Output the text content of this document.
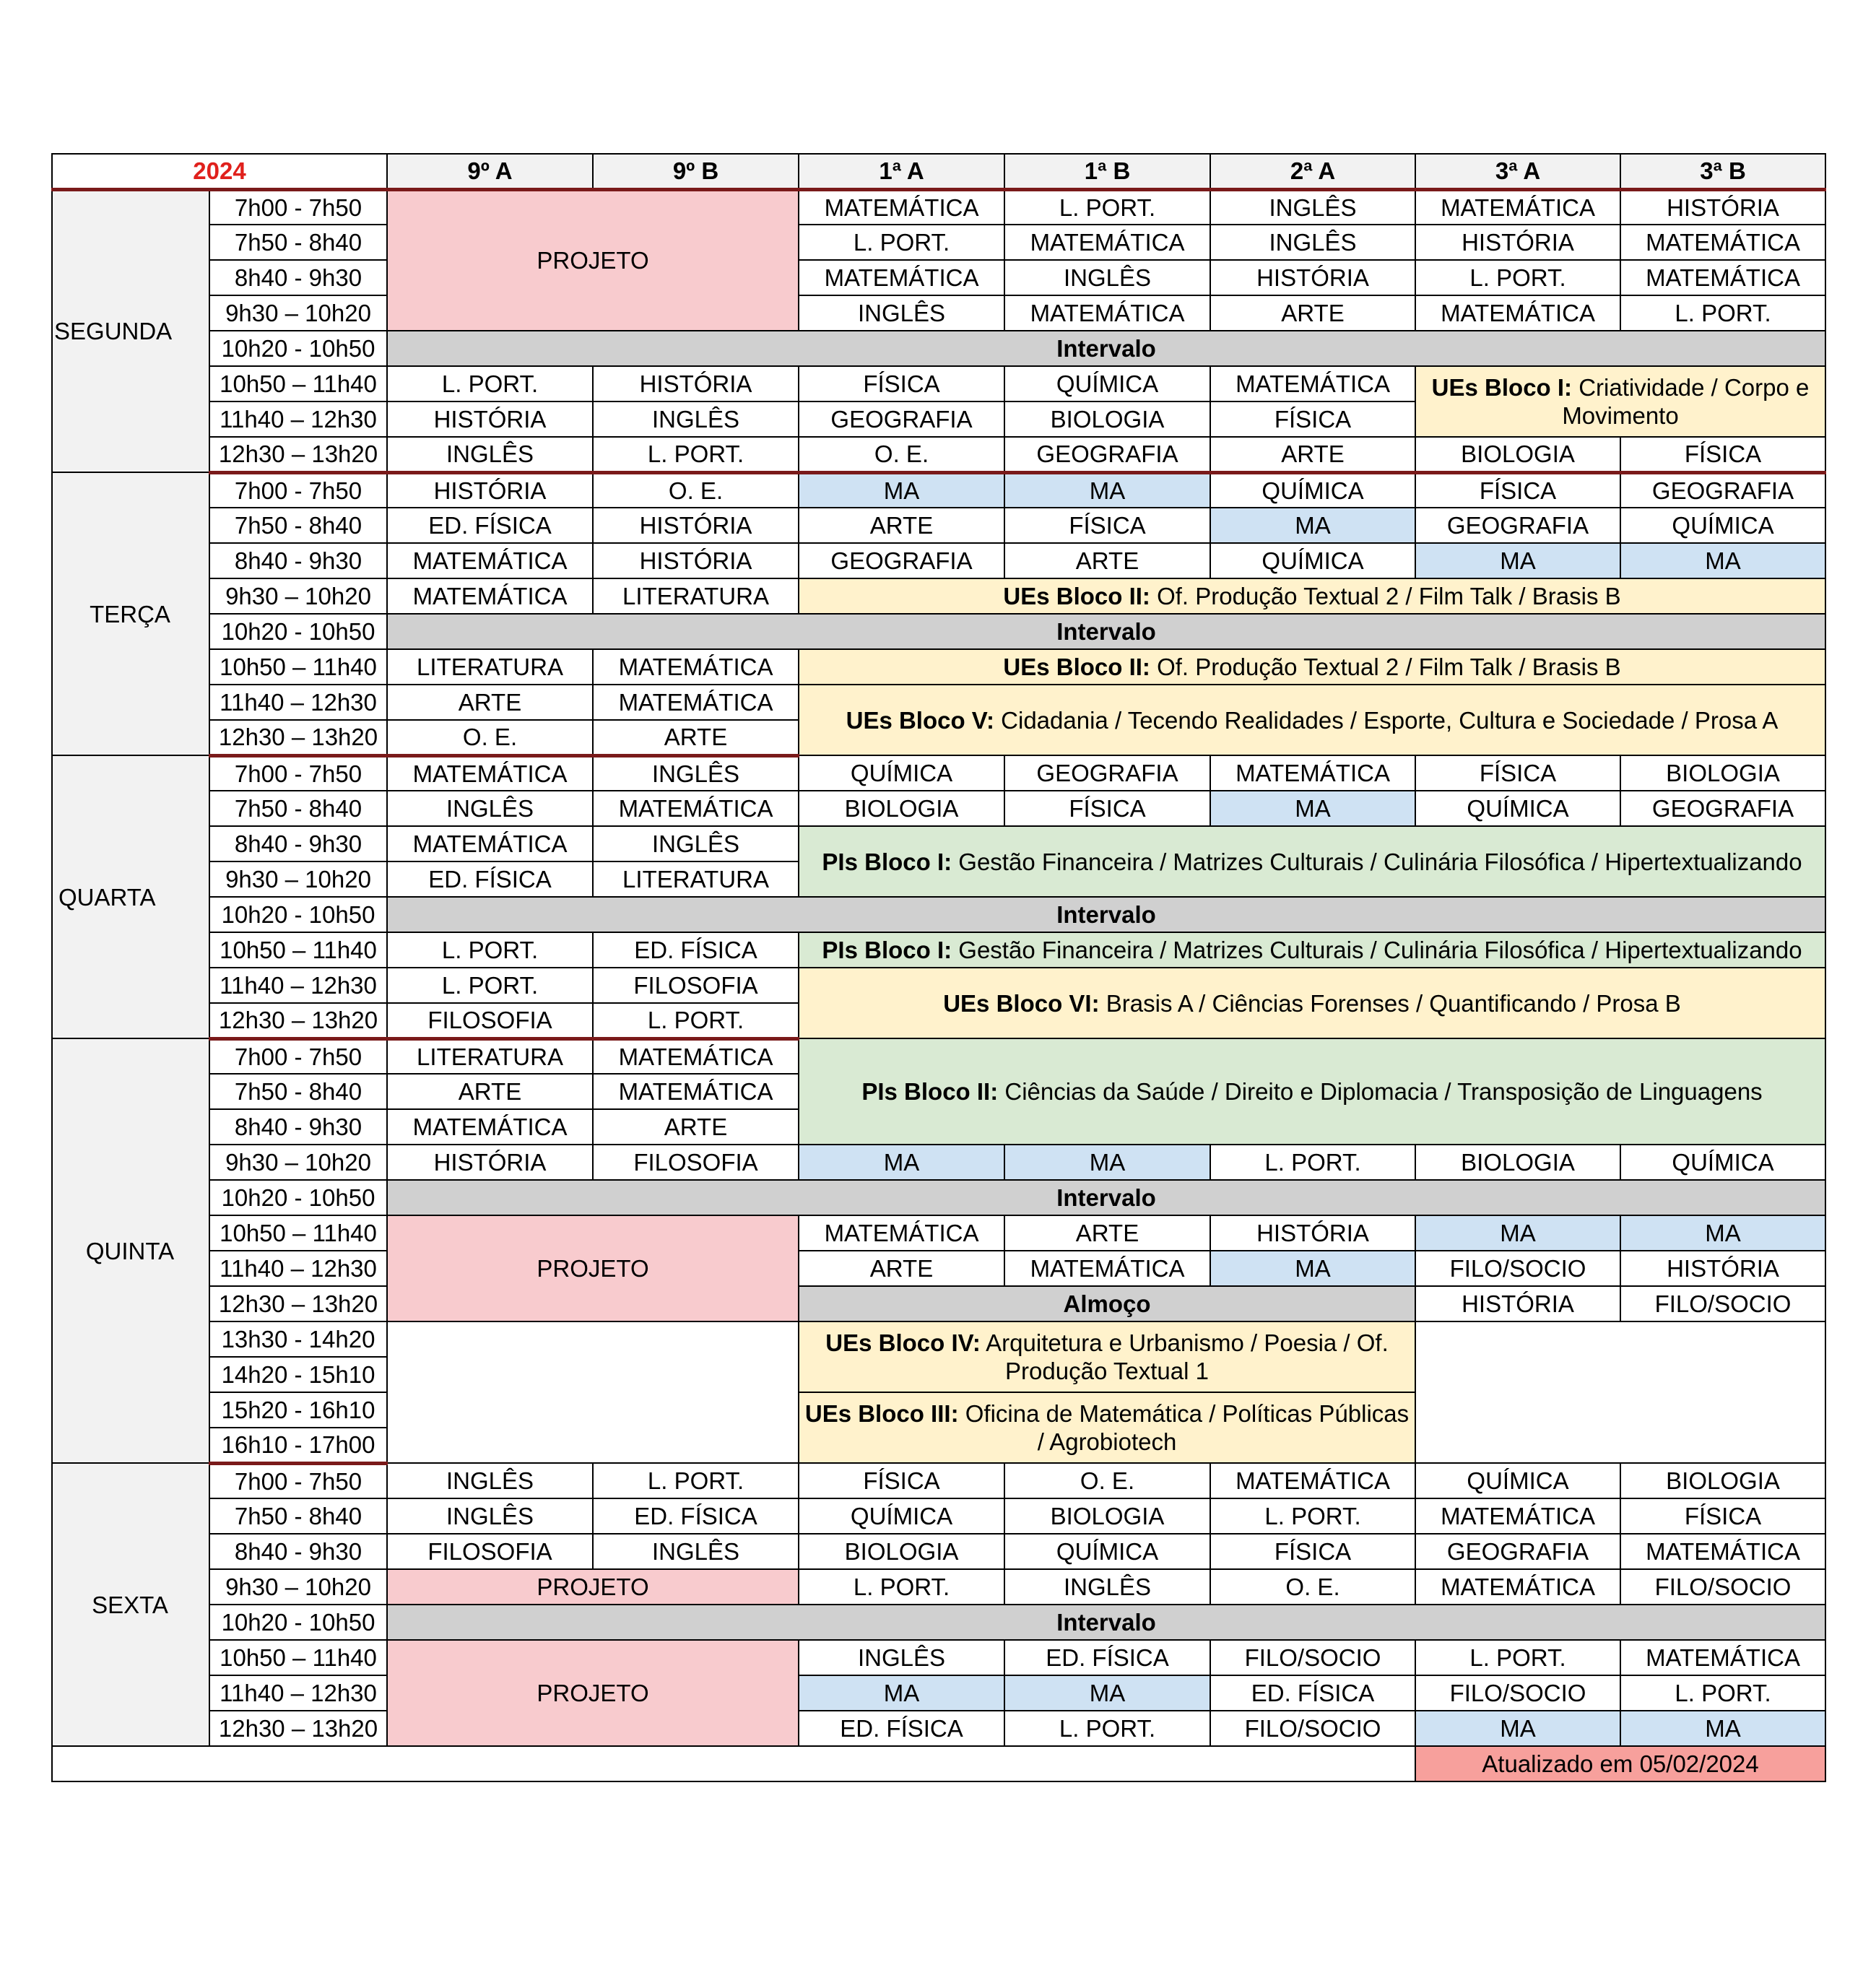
2024		9º A	9º B	1ª A	1ª B	2ª A	3ª A	3ª B
SEGUNDA	7h00 - 7h50	PROJETO		MATEMÁTICA	L. PORT.	INGLÊS	MATEMÁTICA	HISTÓRIA
	7h50 - 8h40			L. PORT.	MATEMÁTICA	INGLÊS	HISTÓRIA	MATEMÁTICA
	8h40 - 9h30			MATEMÁTICA	INGLÊS	HISTÓRIA	L. PORT.	MATEMÁTICA
	9h30 – 10h20			INGLÊS	MATEMÁTICA	ARTE	MATEMÁTICA	L. PORT.
	10h20 - 10h50	Intervalo						
	10h50 – 11h40	L. PORT.	HISTÓRIA	FÍSICA	QUÍMICA	MATEMÁTICA	UEs Bloco I: Criatividade / Corpo e Movimento	
	11h40 – 12h30	HISTÓRIA	INGLÊS	GEOGRAFIA	BIOLOGIA	FÍSICA		
	12h30 – 13h20	INGLÊS	L. PORT.	O. E.	GEOGRAFIA	ARTE	BIOLOGIA	FÍSICA
TERÇA	7h00 - 7h50	HISTÓRIA	O. E.	MA	MA	QUÍMICA	FÍSICA	GEOGRAFIA
	7h50 - 8h40	ED. FÍSICA	HISTÓRIA	ARTE	FÍSICA	MA	GEOGRAFIA	QUÍMICA
	8h40 - 9h30	MATEMÁTICA	HISTÓRIA	GEOGRAFIA	ARTE	QUÍMICA	MA	MA
	9h30 – 10h20	MATEMÁTICA	LITERATURA	UEs Bloco II: Of. Produção Textual 2 / Film Talk / Brasis B				
	10h20 - 10h50	Intervalo						
	10h50 – 11h40	LITERATURA	MATEMÁTICA	UEs Bloco II: Of. Produção Textual 2 / Film Talk / Brasis B				
	11h40 – 12h30	ARTE	MATEMÁTICA	UEs Bloco V: Cidadania / Tecendo Realidades / Esporte, Cultura e Sociedade / Prosa A				
	12h30 – 13h20	O. E.	ARTE					
QUARTA	7h00 - 7h50	MATEMÁTICA	INGLÊS	QUÍMICA	GEOGRAFIA	MATEMÁTICA	FÍSICA	BIOLOGIA
	7h50 - 8h40	INGLÊS	MATEMÁTICA	BIOLOGIA	FÍSICA	MA	QUÍMICA	GEOGRAFIA
	8h40 - 9h30	MATEMÁTICA	INGLÊS	PIs Bloco I: Gestão Financeira / Matrizes Culturais / Culinária Filosófica / Hipertextualizando				
	9h30 – 10h20	ED. FÍSICA	LITERATURA					
	10h20 - 10h50	Intervalo						
	10h50 – 11h40	L. PORT.	ED. FÍSICA	PIs Bloco I: Gestão Financeira / Matrizes Culturais / Culinária Filosófica / Hipertextualizando				
	11h40 – 12h30	L. PORT.	FILOSOFIA	UEs Bloco VI: Brasis A / Ciências Forenses / Quantificando / Prosa B				
	12h30 – 13h20	FILOSOFIA	L. PORT.					
QUINTA	7h00 - 7h50	LITERATURA	MATEMÁTICA	PIs Bloco II: Ciências da Saúde / Direito e Diplomacia / Transposição de Linguagens				
	7h50 - 8h40	ARTE	MATEMÁTICA					
	8h40 - 9h30	MATEMÁTICA	ARTE					
	9h30 – 10h20	HISTÓRIA	FILOSOFIA	MA	MA	L. PORT.	BIOLOGIA	QUÍMICA
	10h20 - 10h50	Intervalo						
	10h50 – 11h40	PROJETO		MATEMÁTICA	ARTE	HISTÓRIA	MA	MA
	11h40 – 12h30			ARTE	MATEMÁTICA	MA	FILO/SOCIO	HISTÓRIA
	12h30 – 13h20			Almoço			HISTÓRIA	FILO/SOCIO
	13h30 - 14h20			UEs Bloco IV: Arquitetura e Urbanismo / Poesia / Of. Produção Textual 1				
	14h20 - 15h10							
	15h20 - 16h10			UEs Bloco III: Oficina de Matemática / Políticas Públicas / Agrobiotech				
	16h10 - 17h00							
SEXTA	7h00 - 7h50	INGLÊS	L. PORT.	FÍSICA	O. E.	MATEMÁTICA	QUÍMICA	BIOLOGIA
	7h50 - 8h40	INGLÊS	ED. FÍSICA	QUÍMICA	BIOLOGIA	L. PORT.	MATEMÁTICA	FÍSICA
	8h40 - 9h30	FILOSOFIA	INGLÊS	BIOLOGIA	QUÍMICA	FÍSICA	GEOGRAFIA	MATEMÁTICA
	9h30 – 10h20	PROJETO		L. PORT.	INGLÊS	O. E.	MATEMÁTICA	FILO/SOCIO
	10h20 - 10h50	Intervalo						
	10h50 – 11h40	PROJETO		INGLÊS	ED. FÍSICA	FILO/SOCIO	L. PORT.	MATEMÁTICA
	11h40 – 12h30			MA	MA	ED. FÍSICA	FILO/SOCIO	L. PORT.
	12h30 – 13h20			ED. FÍSICA	L. PORT.	FILO/SOCIO	MA	MA
							Atualizado em 05/02/2024	
